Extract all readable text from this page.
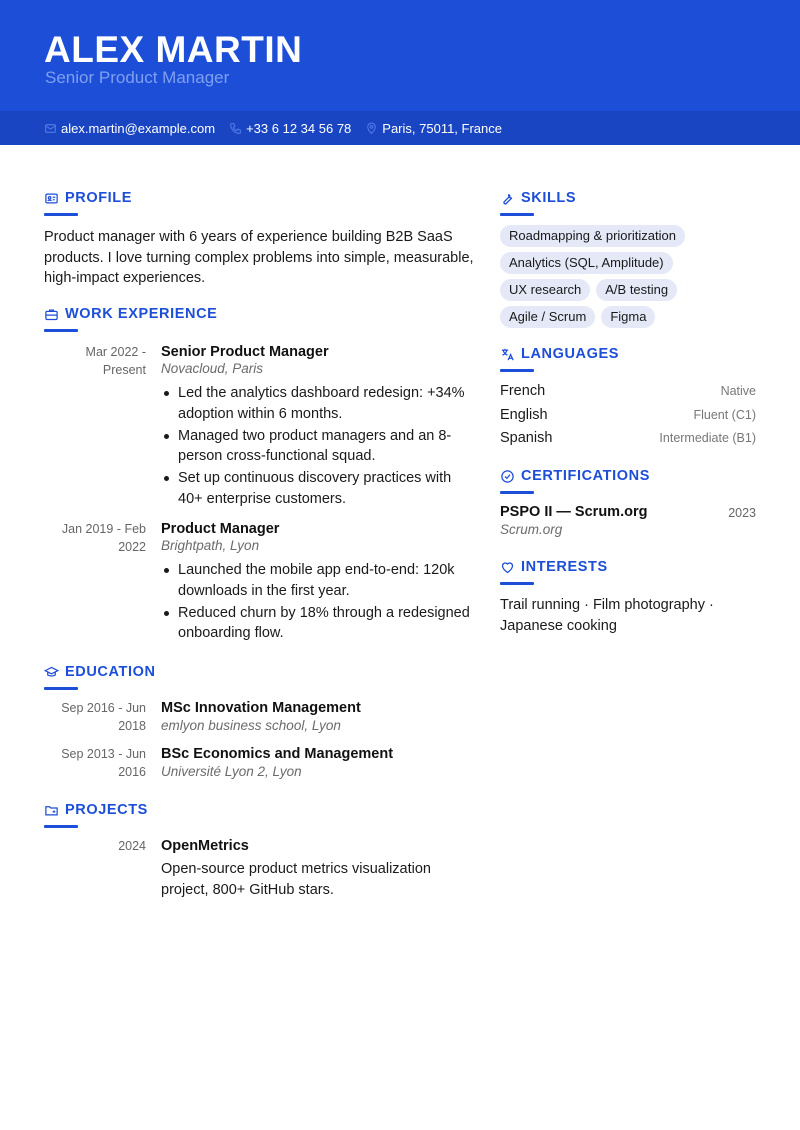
ALEX MARTIN
Senior Product Manager
alex.martin@example.com +33 6 12 34 56 78 Paris, 75011, France
PROFILE
Product manager with 6 years of experience building B2B SaaS products. I love turning complex problems into simple, measurable, high-impact experiences.
WORK EXPERIENCE
Mar 2022 - Present
Senior Product Manager
Novacloud, Paris
Led the analytics dashboard redesign: +34% adoption within 6 months.
Managed two product managers and an 8-person cross-functional squad.
Set up continuous discovery practices with 40+ enterprise customers.
Jan 2019 - Feb 2022
Product Manager
Brightpath, Lyon
Launched the mobile app end-to-end: 120k downloads in the first year.
Reduced churn by 18% through a redesigned onboarding flow.
EDUCATION
Sep 2016 - Jun 2018
MSc Innovation Management
emlyon business school, Lyon
Sep 2013 - Jun 2016
BSc Economics and Management
Université Lyon 2, Lyon
PROJECTS
2024 OpenMetrics
Open-source product metrics visualization project, 800+ GitHub stars.
SKILLS
Roadmapping & prioritization
Analytics (SQL, Amplitude)
UX research	A/B testing
Agile / Scrum	Figma
LANGUAGES
French	Native
English	Fluent (C1)
Spanish	Intermediate (B1)
CERTIFICATIONS
PSPO II — Scrum.org	2023
Scrum.org
INTERESTS
Trail running · Film photography · Japanese cooking
